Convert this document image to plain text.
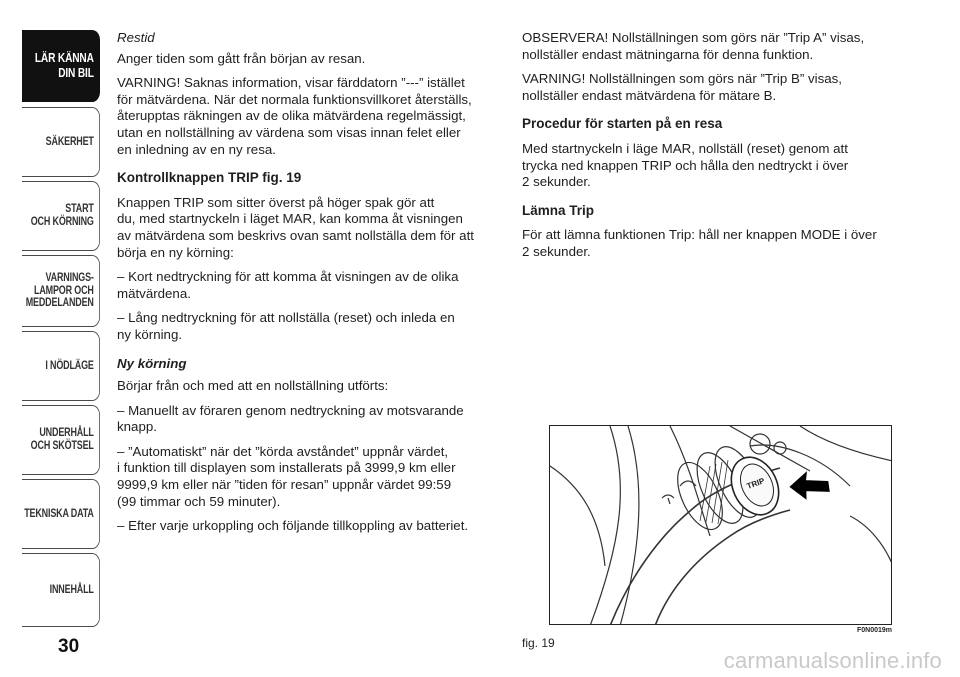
LÄR KÄNNA
DIN BIL
SÄKERHET
START
OCH KÖRNING
VARNINGS-
LAMPOR OCH
MEDDELANDEN
I NÖDLÄGE
UNDERHÅLL
OCH SKÖTSEL
TEKNISKA DATA
INNEHÅLL
30

Restid

Anger tiden som gått från början av resan.

VARNING! Saknas information, visar färddatorn ”---” istället
för mätvärdena. När det normala funktionsvillkoret återställs,
återupptas räkningen av de olika mätvärdena regelmässigt,
utan en nollställning av värdena som visas innan felet eller
en inledning av en ny resa.

Kontrollknappen TRIP fig. 19

Knappen TRIP som sitter överst på höger spak gör att
du, med startnyckeln i läget MAR, kan komma åt visningen
av mätvärdena som beskrivs ovan samt nollställa dem för att
börja en ny körning:

– Kort nedtryckning för att komma åt visningen av de olika
mätvärdena.

– Lång nedtryckning för att nollställa (reset) och inleda en
ny körning.

Ny körning

Börjar från och med att en nollställning utförts:

– Manuellt av föraren genom nedtryckning av motsvarande
knapp.

– ”Automatiskt” när det ”körda avståndet” uppnår värdet,
i funktion till displayen som installerats på 3999,9 km eller
9999,9 km eller när ”tiden för resan” uppnår värdet 99:59
(99 timmar och 59 minuter).

– Efter varje urkoppling och följande tillkoppling av batteriet.

OBSERVERA! Nollställningen som görs när ”Trip A” visas,
nollställer endast mätningarna för denna funktion.

VARNING! Nollställningen som görs när ”Trip B” visas,
nollställer endast mätvärdena för mätare B.

Procedur för starten på en resa

Med startnyckeln i läge MAR, nollställ (reset) genom att
trycka ned knappen TRIP och hålla den nedtryckt i över
2 sekunder.

Lämna Trip

För att lämna funktionen Trip: håll ner knappen MODE i över
2 sekunder.

TRIP
F0N0019m
fig. 19
carmanualsonline.info
